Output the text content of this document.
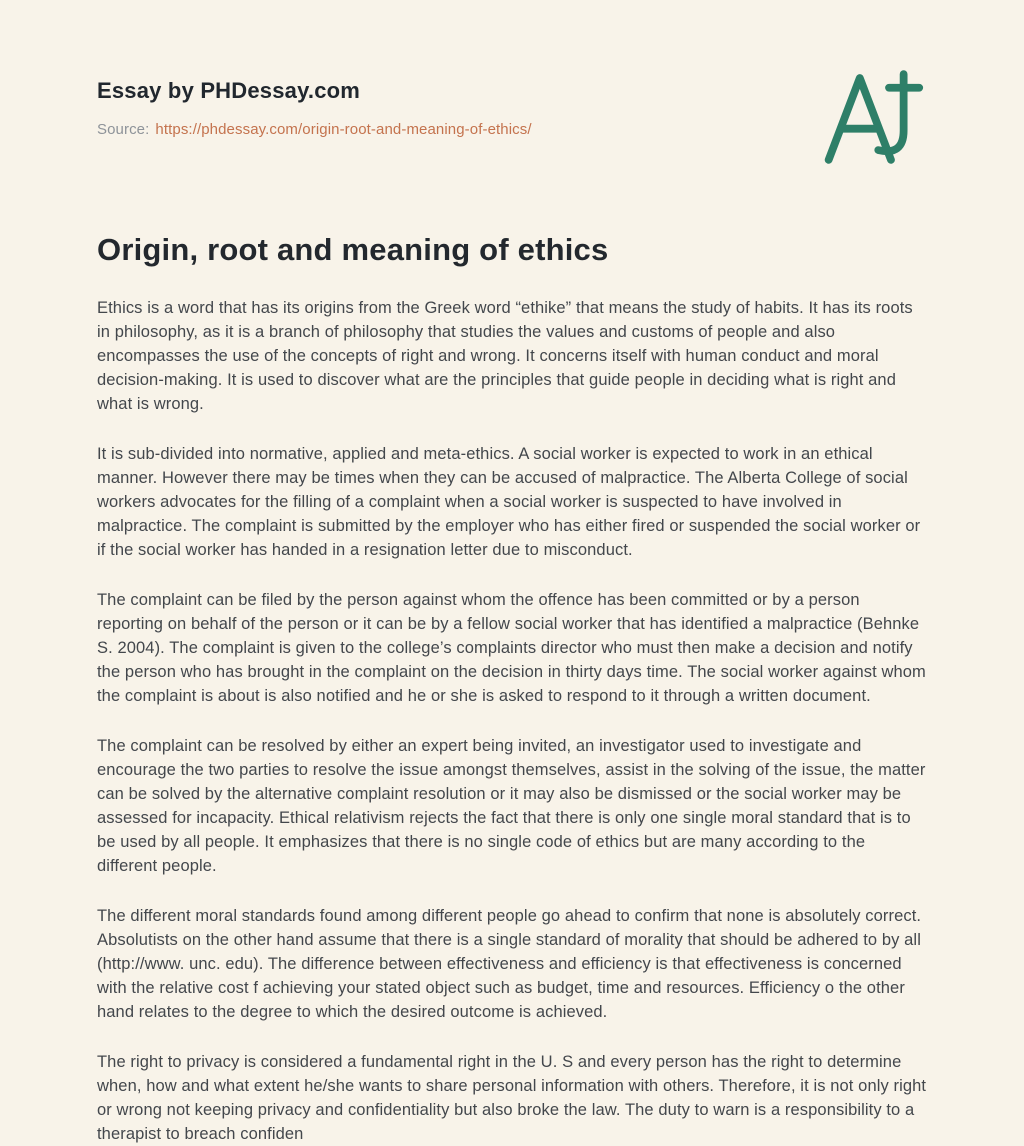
Essay by PHDessay.com
Source: https://phdessay.com/origin-root-and-meaning-of-ethics/
Origin, root and meaning of ethics

Ethics is a word that has its origins from the Greek word “ethike” that means the study of habits. It has its roots in philosophy, as it is a branch of philosophy that studies the values and customs of people and also encompasses the use of the concepts of right and wrong. It concerns itself with human conduct and moral decision-making. It is used to discover what are the principles that guide people in deciding what is right and what is wrong.

It is sub-divided into normative, applied and meta-ethics. A social worker is expected to work in an ethical manner. However there may be times when they can be accused of malpractice. The Alberta College of social workers advocates for the filling of a complaint when a social worker is suspected to have involved in malpractice. The complaint is submitted by the employer who has either fired or suspended the social worker or if the social worker has handed in a resignation letter due to misconduct.

The complaint can be filed by the person against whom the offence has been committed or by a person reporting on behalf of the person or it can be by a fellow social worker that has identified a malpractice (Behnke S. 2004). The complaint is given to the college’s complaints director who must then make a decision and notify the person who has brought in the complaint on the decision in thirty days time. The social worker against whom the complaint is about is also notified and he or she is asked to respond to it through a written document.

The complaint can be resolved by either an expert being invited, an investigator used to investigate and encourage the two parties to resolve the issue amongst themselves, assist in the solving of the issue, the matter can be solved by the alternative complaint resolution or it may also be dismissed or the social worker may be assessed for incapacity. Ethical relativism rejects the fact that there is only one single moral standard that is to be used by all people. It emphasizes that there is no single code of ethics but are many according to the different people.

The different moral standards found among different people go ahead to confirm that none is absolutely correct. Absolutists on the other hand assume that there is a single standard of morality that should be adhered to by all (http://www. unc. edu). The difference between effectiveness and efficiency is that effectiveness is concerned with the relative cost f achieving your stated object such as budget, time and resources. Efficiency o the other hand relates to the degree to which the desired outcome is achieved.

The right to privacy is considered a fundamental right in the U. S and every person has the right to determine when, how and what extent he/she wants to share personal information with others. Therefore, it is not only right or wrong not keeping privacy and confidentiality but also broke the law. The duty to warn is a responsibility to a therapist to breach confiden
